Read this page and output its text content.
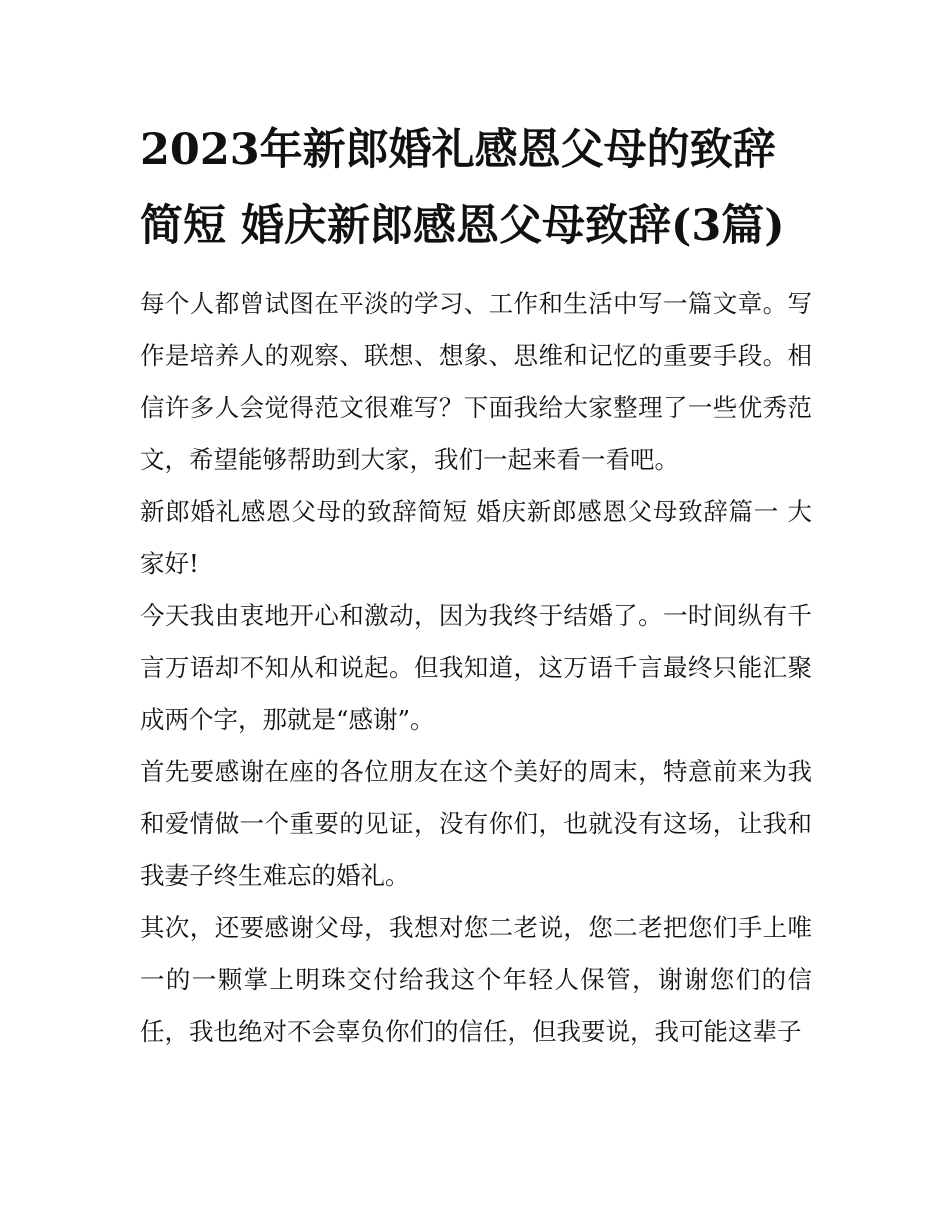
2023年新郎婚礼感恩父母的致辞简短 婚庆新郎感恩父母致辞(3篇)

每个人都曾试图在平淡的学习、工作和生活中写一篇文章。写作是培养人的观察、联想、想象、思维和记忆的重要手段。相信许多人会觉得范文很难写？下面我给大家整理了一些优秀范文，希望能够帮助到大家，我们一起来看一看吧。

新郎婚礼感恩父母的致辞简短 婚庆新郎感恩父母致辞篇一 大家好!

今天我由衷地开心和激动，因为我终于结婚了。一时间纵有千言万语却不知从和说起。但我知道，这万语千言最终只能汇聚成两个字，那就是“感谢”。

首先要感谢在座的各位朋友在这个美好的周末，特意前来为我和爱情做一个重要的见证，没有你们，也就没有这场，让我和我妻子终生难忘的婚礼。

其次，还要感谢父母，我想对您二老说，您二老把您们手上唯一的一颗掌上明珠交付给我这个年轻人保管，谢谢您们的信任，我也绝对不会辜负你们的信任，但我要说，我可能这辈子
